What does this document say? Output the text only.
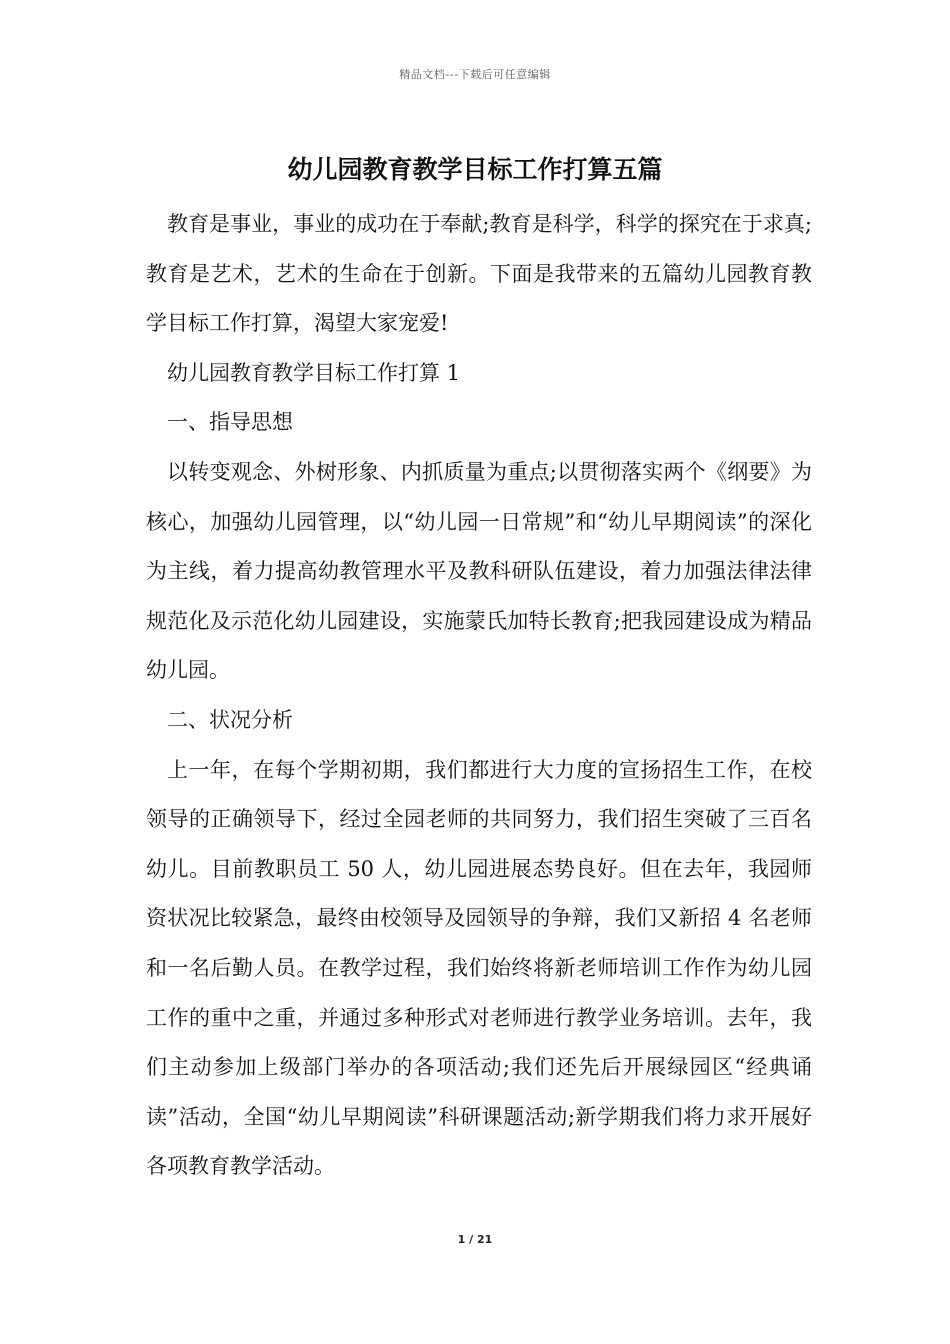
精品文档---下载后可任意编辑
幼儿园教育教学目标工作打算五篇

教育是事业，事业的成功在于奉献;教育是科学，科学的探究在于求真;教育是艺术，艺术的生命在于创新。下面是我带来的五篇幼儿园教育教学目标工作打算，渴望大家宠爱!

幼儿园教育教学目标工作打算 1

一、指导思想

以转变观念、外树形象、内抓质量为重点;以贯彻落实两个《纲要》为核心，加强幼儿园管理，以“幼儿园一日常规”和“幼儿早期阅读”的深化为主线，着力提高幼教管理水平及教科研队伍建设，着力加强法律法律规范化及示范化幼儿园建设，实施蒙氏加特长教育;把我园建设成为精品幼儿园。

二、状况分析

上一年，在每个学期初期，我们都进行大力度的宣扬招生工作，在校领导的正确领导下，经过全园老师的共同努力，我们招生突破了三百名幼儿。目前教职员工 50 人，幼儿园进展态势良好。但在去年，我园师资状况比较紧急，最终由校领导及园领导的争辩，我们又新招 4 名老师和一名后勤人员。在教学过程，我们始终将新老师培训工作作为幼儿园工作的重中之重，并通过多种形式对老师进行教学业务培训。去年，我们主动参加上级部门举办的各项活动;我们还先后开展绿园区“经典诵读”活动，全国“幼儿早期阅读”科研课题活动;新学期我们将力求开展好各项教育教学活动。

1 / 21
